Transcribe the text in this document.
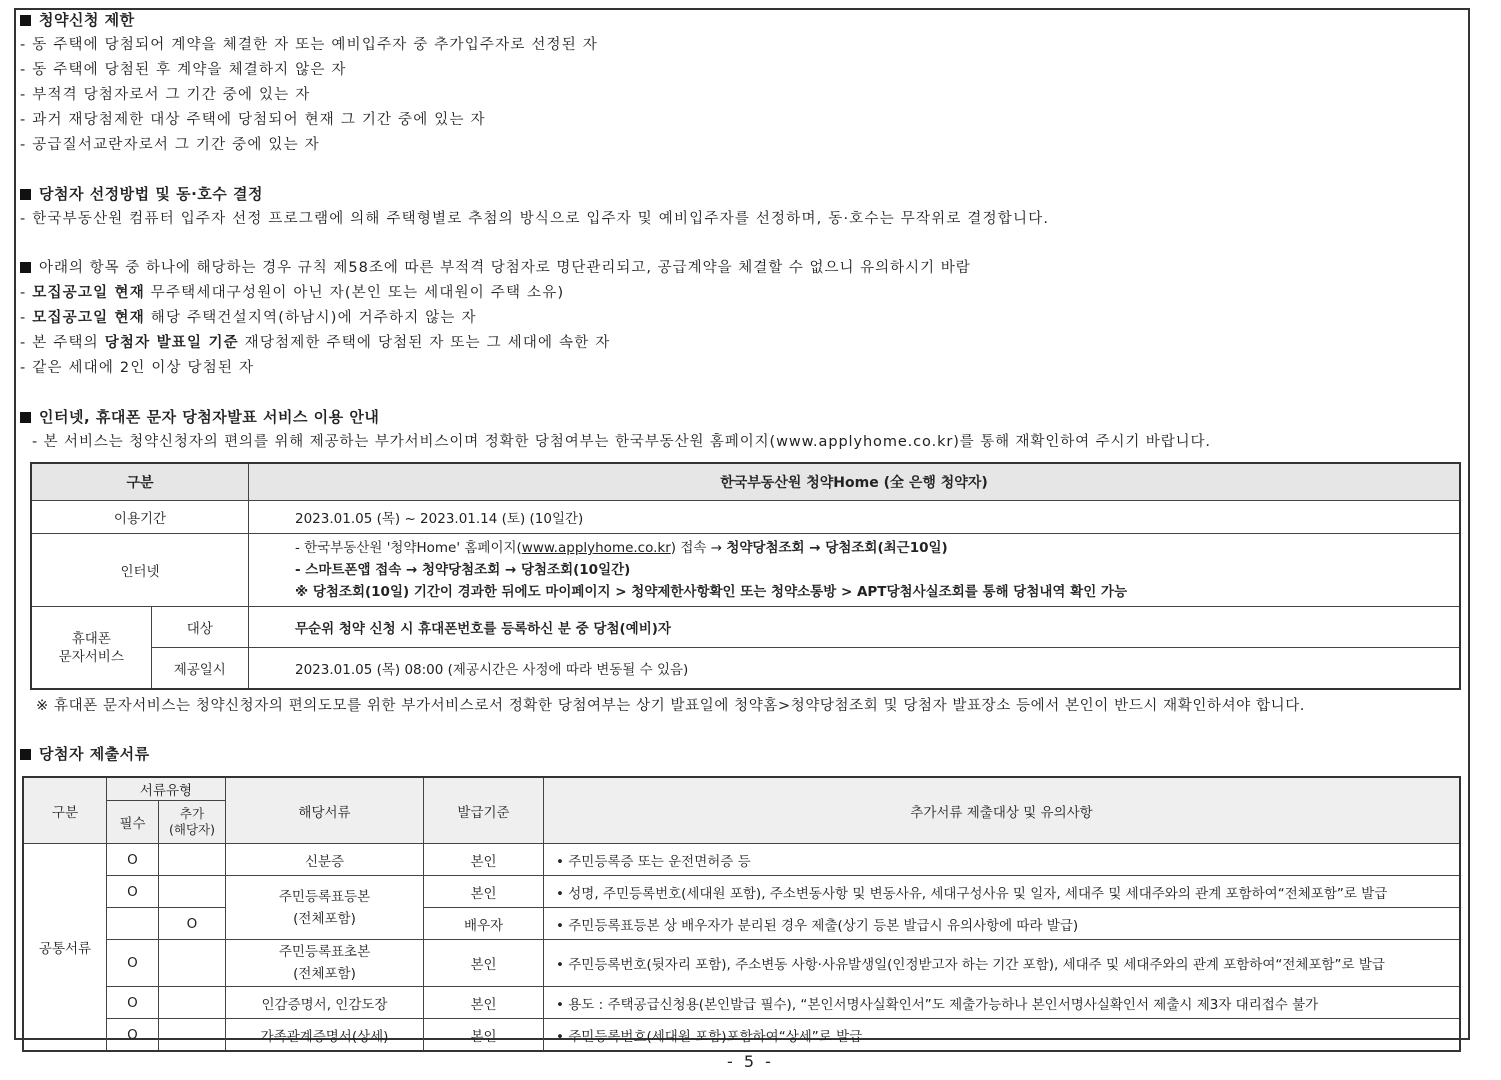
청약신청 제한

- 동 주택에 당첨되어 계약을 체결한 자 또는 예비입주자 중 추가입주자로 선정된 자

- 동 주택에 당첨된 후 계약을 체결하지 않은 자

- 부적격 당첨자로서 그 기간 중에 있는 자

- 과거 재당첨제한 대상 주택에 당첨되어 현재 그 기간 중에 있는 자

- 공급질서교란자로서 그 기간 중에 있는 자

당첨자 선정방법 및 동·호수 결정

- 한국부동산원 컴퓨터 입주자 선정 프로그램에 의해 주택형별로 추첨의 방식으로 입주자 및 예비입주자를 선정하며, 동·호수는 무작위로 결정합니다.

아래의 항목 중 하나에 해당하는 경우 규칙 제58조에 따른 부적격 당첨자로 명단관리되고, 공급계약을 체결할 수 없으니 유의하시기 바람

- 모집공고일 현재 무주택세대구성원이 아닌 자(본인 또는 세대원이 주택 소유)

- 모집공고일 현재 해당 주택건설지역(하남시)에 거주하지 않는 자

- 본 주택의 당첨자 발표일 기준 재당첨제한 주택에 당첨된 자 또는 그 세대에 속한 자

- 같은 세대에 2인 이상 당첨된 자

인터넷, 휴대폰 문자 당첨자발표 서비스 이용 안내

- 본 서비스는 청약신청자의 편의를 위해 제공하는 부가서비스이며 정확한 당첨여부는 한국부동산원 홈페이지(www.applyhome.co.kr)를 통해 재확인하여 주시기 바랍니다.

구분		한국부동산원 청약Home (全 은행 청약자)
이용기간		2023.01.05 (목) ~ 2023.01.14 (토) (10일간)
인터넷		- 한국부동산원 '청약Home' 홈페이지(www.applyhome.co.kr) 접속 → 청약당첨조회 → 당첨조회(최근10일)
- 스마트폰앱 접속 → 청약당첨조회 → 당첨조회(10일간)
※ 당첨조회(10일) 기간이 경과한 뒤에도 마이페이지 > 청약제한사항확인 또는 청약소통방 > APT당첨사실조회를 통해 당첨내역 확인 가능

휴대폰
문자서비스	대상	무순위 청약 신청 시 휴대폰번호를 등록하신 분 중 당첨(예비)자
	제공일시	2023.01.05 (목) 08:00 (제공시간은 사정에 따라 변동될 수 있음)
※ 휴대폰 문자서비스는 청약신청자의 편의도모를 위한 부가서비스로서 정확한 당첨여부는 상기 발표일에 청약홈>청약당첨조회 및 당첨자 발표장소 등에서 본인이 반드시 재확인하셔야 합니다.

당첨자 제출서류

구분	서류유형		해당서류	발급기준	추가서류 제출대상 및 유의사항
	필수	추가
(해당자)			
공통서류	O		신분증	본인	• 주민등록증 또는 운전면허증 등
	O		주민등록표등본
(전체포함)	본인	• 성명, 주민등록번호(세대원 포함), 주소변동사항 및 변동사유, 세대구성사유 및 일자, 세대주 및 세대주와의 관계 포함하여“전체포함”로 발급
		O		배우자	• 주민등록표등본 상 배우자가 분리된 경우 제출(상기 등본 발급시 유의사항에 따라 발급)
	O		주민등록표초본
(전체포함)	본인	• 주민등록번호(뒷자리 포함), 주소변동 사항·사유발생일(인정받고자 하는 기간 포함), 세대주 및 세대주와의 관계 포함하여“전체포함”로 발급
	O		인감증명서, 인감도장	본인	• 용도 : 주택공급신청용(본인발급 필수), “본인서명사실확인서”도 제출가능하나 본인서명사실확인서 제출시 제3자 대리접수 불가
	O		가족관계증명서(상세)	본인	• 주민등록번호(세대원 포함)포함하여“상세”로 발급
- 5 -
